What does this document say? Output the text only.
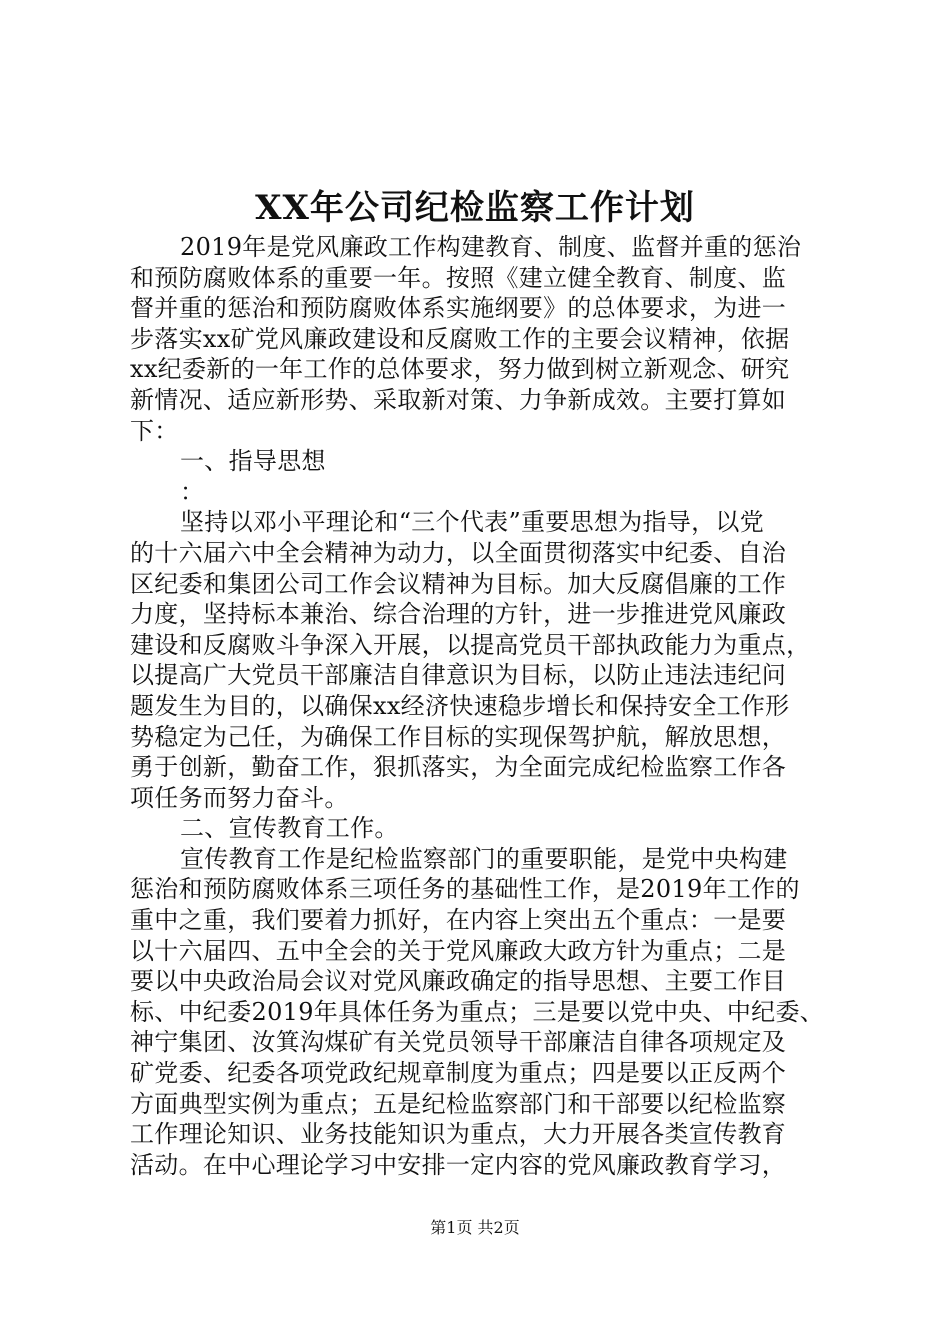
XX年公司纪检监察工作计划
2019年是党风廉政工作构建教育、制度、监督并重的惩治
和预防腐败体系的重要一年。按照《建立健全教育、制度、监
督并重的惩治和预防腐败体系实施纲要》的总体要求，为进一
步落实xx矿党风廉政建设和反腐败工作的主要会议精神，依据
xx纪委新的一年工作的总体要求，努力做到树立新观念、研究
新情况、适应新形势、采取新对策、力争新成效。主要打算如
下：
一、指导思想
：
坚持以邓小平理论和“三个代表”重要思想为指导，以党
的十六届六中全会精神为动力，以全面贯彻落实中纪委、自治
区纪委和集团公司工作会议精神为目标。加大反腐倡廉的工作
力度，坚持标本兼治、综合治理的方针，进一步推进党风廉政
建设和反腐败斗争深入开展，以提高党员干部执政能力为重点，
以提高广大党员干部廉洁自律意识为目标，以防止违法违纪问
题发生为目的，以确保xx经济快速稳步增长和保持安全工作形
势稳定为己任，为确保工作目标的实现保驾护航，解放思想，
勇于创新，勤奋工作，狠抓落实，为全面完成纪检监察工作各
项任务而努力奋斗。
二、宣传教育工作。
宣传教育工作是纪检监察部门的重要职能，是党中央构建
惩治和预防腐败体系三项任务的基础性工作，是2019年工作的
重中之重，我们要着力抓好，在内容上突出五个重点：一是要
以十六届四、五中全会的关于党风廉政大政方针为重点；二是
要以中央政治局会议对党风廉政确定的指导思想、主要工作目
标、中纪委2019年具体任务为重点；三是要以党中央、中纪委、
神宁集团、汝箕沟煤矿有关党员领导干部廉洁自律各项规定及
矿党委、纪委各项党政纪规章制度为重点；四是要以正反两个
方面典型实例为重点；五是纪检监察部门和干部要以纪检监察
工作理论知识、业务技能知识为重点，大力开展各类宣传教育
活动。在中心理论学习中安排一定内容的党风廉政教育学习，
第1页 共2页
